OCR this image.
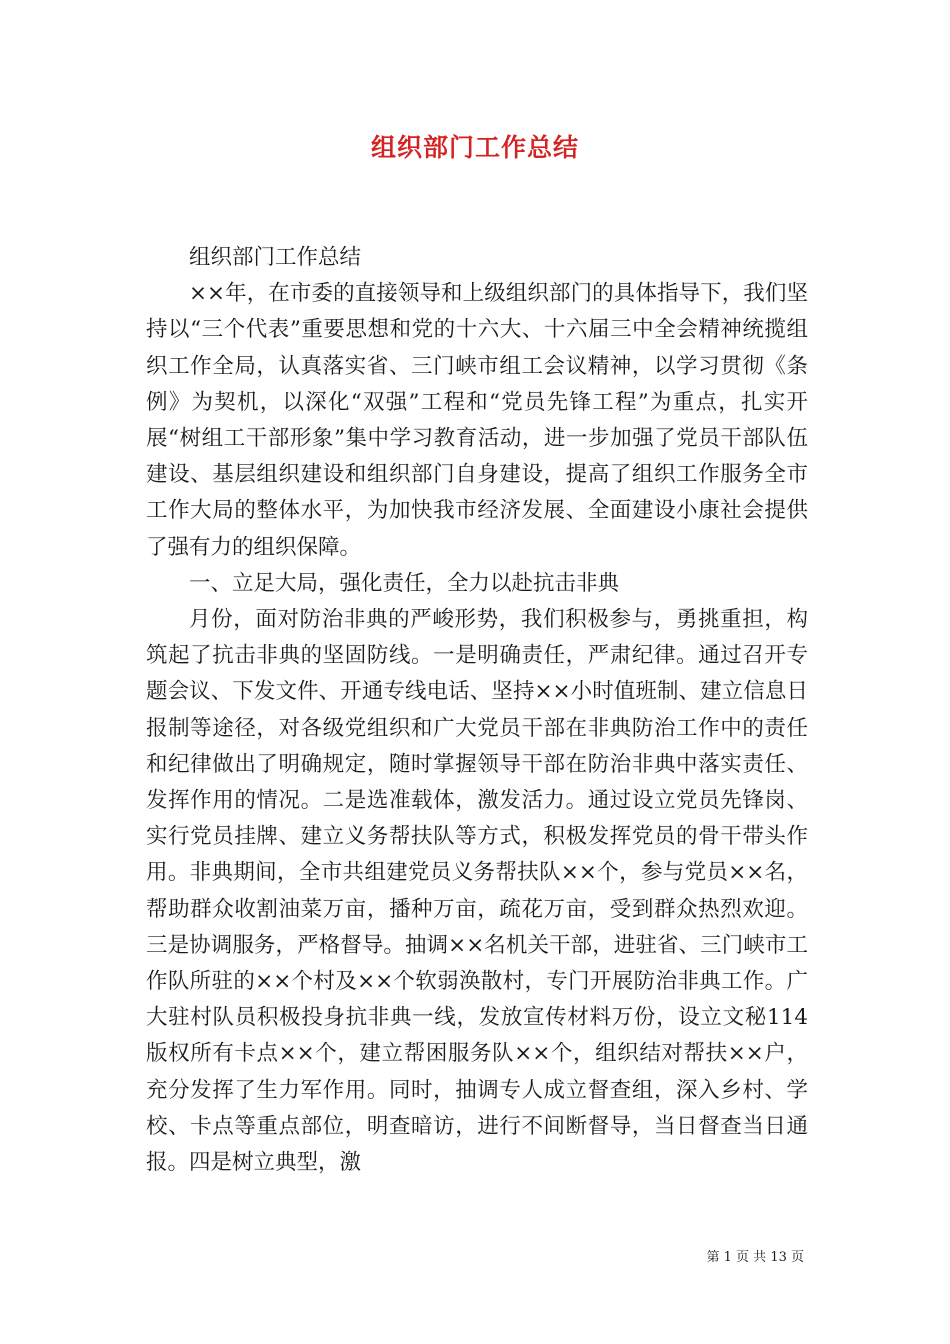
组织部门工作总结

组织部门工作总结

××年，在市委的直接领导和上级组织部门的具体指导下，我们坚持以“三个代表”重要思想和党的十六大、十六届三中全会精神统揽组织工作全局，认真落实省、三门峡市组工会议精神，以学习贯彻《条例》为契机，以深化“双强”工程和“党员先锋工程”为重点，扎实开展“树组工干部形象”集中学习教育活动，进一步加强了党员干部队伍建设、基层组织建设和组织部门自身建设，提高了组织工作服务全市工作大局的整体水平，为加快我市经济发展、全面建设小康社会提供了强有力的组织保障。

一、立足大局，强化责任，全力以赴抗击非典

月份，面对防治非典的严峻形势，我们积极参与，勇挑重担，构筑起了抗击非典的坚固防线。一是明确责任，严肃纪律。通过召开专题会议、下发文件、开通专线电话、坚持××小时值班制、建立信息日报制等途径，对各级党组织和广大党员干部在非典防治工作中的责任和纪律做出了明确规定，随时掌握领导干部在防治非典中落实责任、发挥作用的情况。二是选准载体，激发活力。通过设立党员先锋岗、实行党员挂牌、建立义务帮扶队等方式，积极发挥党员的骨干带头作用。非典期间，全市共组建党员义务帮扶队××个，参与党员××名，帮助群众收割油菜万亩，播种万亩，疏花万亩，受到群众热烈欢迎。三是协调服务，严格督导。抽调××名机关干部，进驻省、三门峡市工作队所驻的××个村及××个软弱涣散村，专门开展防治非典工作。广大驻村队员积极投身抗非典一线，发放宣传材料万份，设立文秘114版权所有卡点××个，建立帮困服务队××个，组织结对帮扶××户，充分发挥了生力军作用。同时，抽调专人成立督查组，深入乡村、学校、卡点等重点部位，明查暗访，进行不间断督导，当日督查当日通报。四是树立典型，激

第 1 页 共 13 页
